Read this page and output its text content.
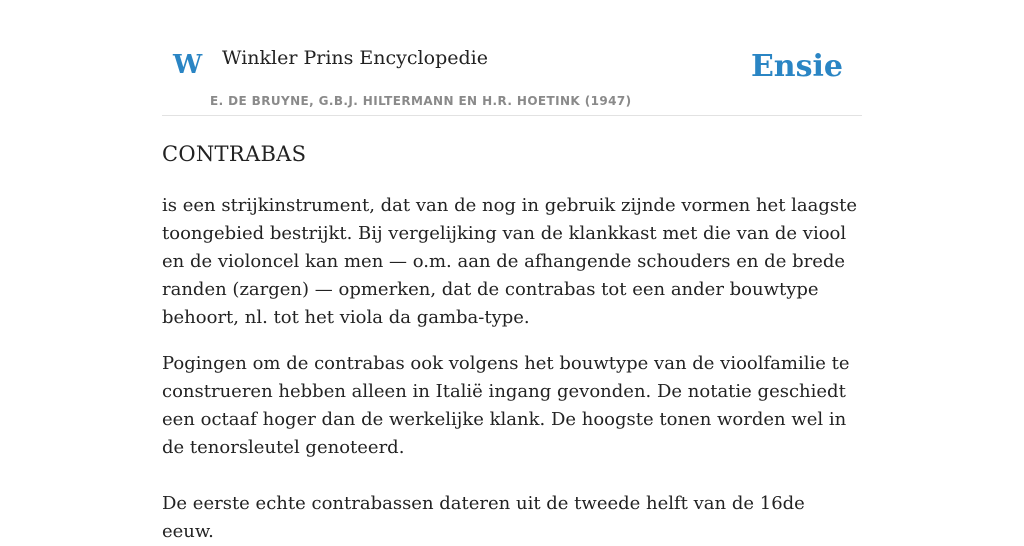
W Winkler Prins Encyclopedie
E. DE BRUYNE, G.B.J. HILTERMANN EN H.R. HOETINK (1947)
Ensie
CONTRABAS

is een strijkinstrument, dat van de nog in gebruik zijnde vormen het laagste toongebied bestrijkt. Bij vergelijking van de klankkast met die van de viool en de violoncel kan men — o.m. aan de afhangende schouders en de brede randen (zargen) — opmerken, dat de contrabas tot een ander bouwtype behoort, nl. tot het viola da gamba-type.

Pogingen om de contrabas ook volgens het bouwtype van de vioolfamilie te construeren hebben alleen in Italië ingang gevonden. De notatie geschiedt een octaaf hoger dan de werkelijke klank. De hoogste tonen worden wel in de tenorsleutel genoteerd.

De eerste echte contrabassen dateren uit de tweede helft van de 16de eeuw.
